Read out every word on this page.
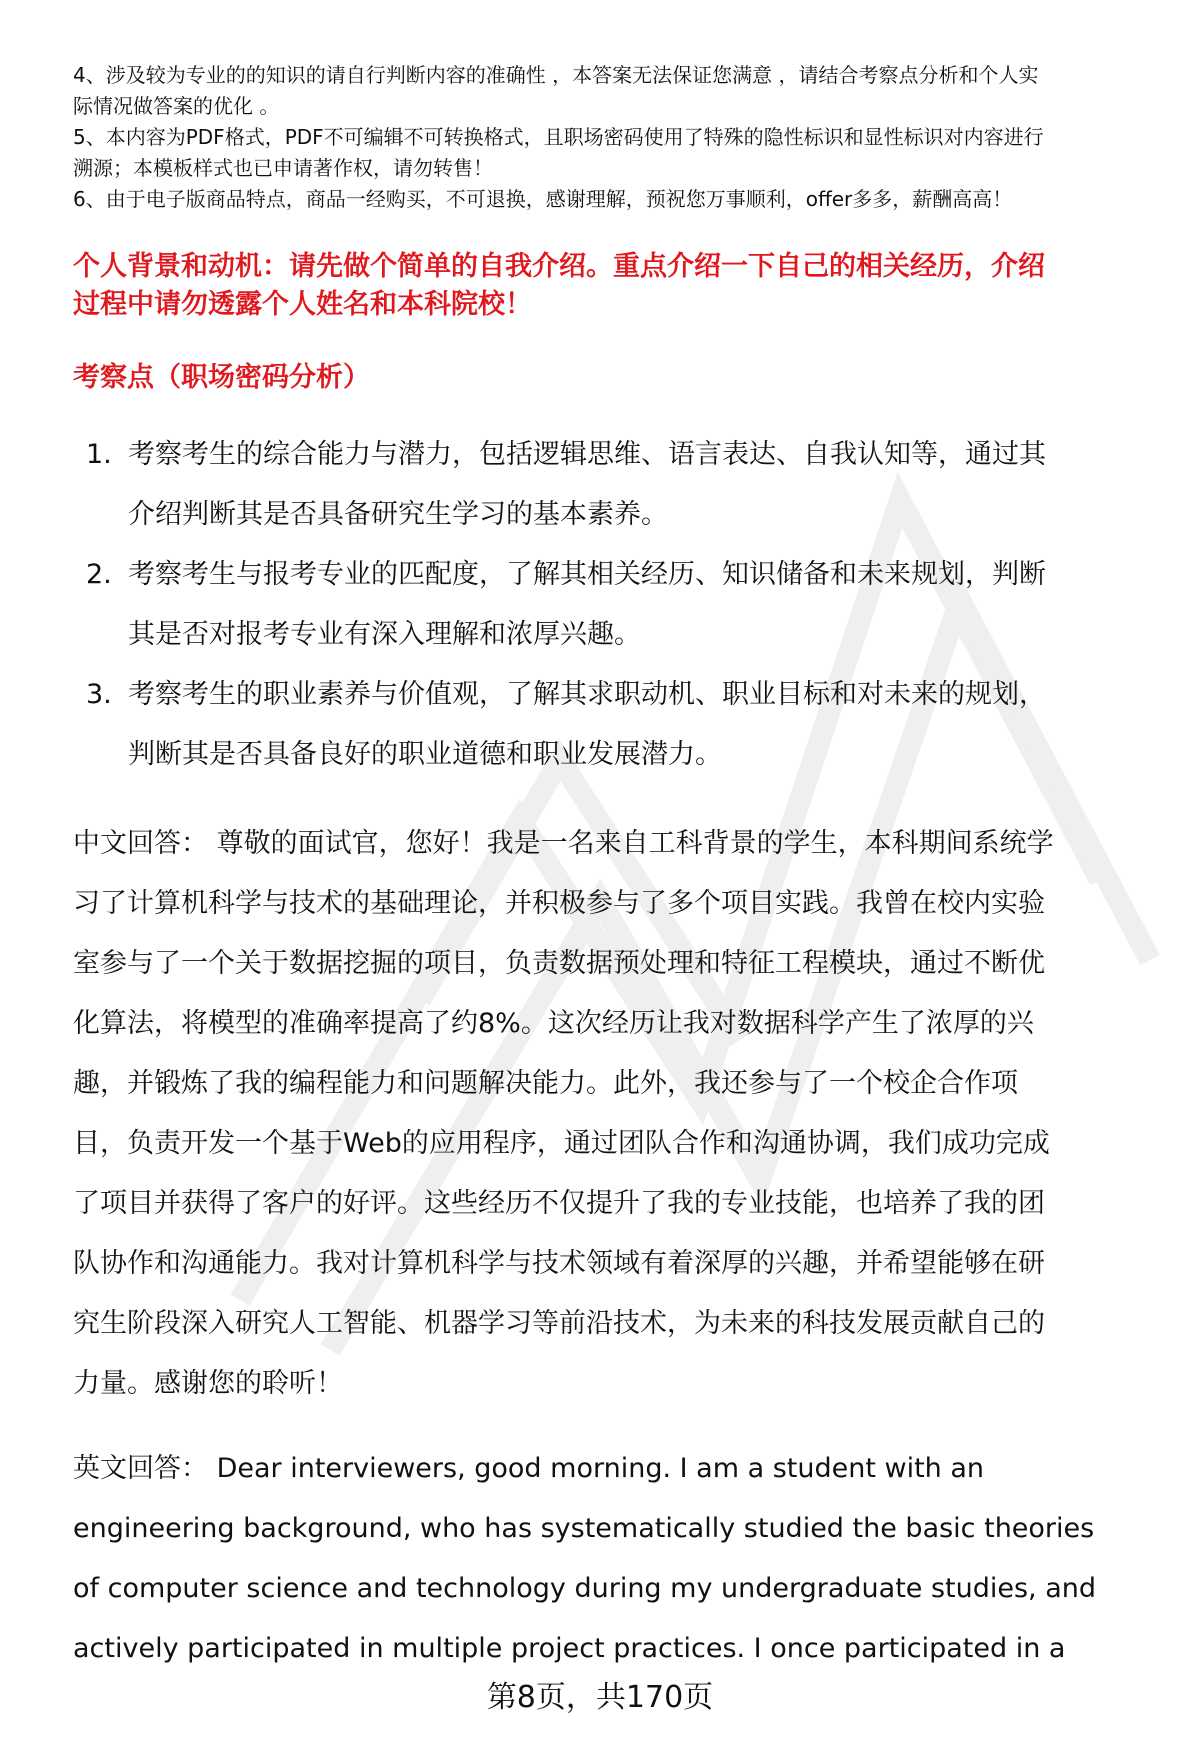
4、涉及较为专业的的知识的请自行判断内容的准确性 ，本答案无法保证您满意 ，请结合考察点分析和个人实
际情况做答案的优化 。
5、本内容为PDF格式，PDF不可编辑不可转换格式，且职场密码使用了特殊的隐性标识和显性标识对内容进行
溯源；本模板样式也已申请著作权，请勿转售！
6、由于电子版商品特点，商品一经购买，不可退换，感谢理解，预祝您万事顺利，offer多多，薪酬高高！
个人背景和动机：请先做个简单的自我介绍。重点介绍一下自己的相关经历，介绍
过程中请勿透露个人姓名和本科院校！
考察点（职场密码分析）
1. 考察考生的综合能力与潜力，包括逻辑思维、语言表达、自我认知等，通过其
介绍判断其是否具备研究生学习的基本素养。
2. 考察考生与报考专业的匹配度，了解其相关经历、知识储备和未来规划，判断
其是否对报考专业有深入理解和浓厚兴趣。
3. 考察考生的职业素养与价值观，了解其求职动机、职业目标和对未来的规划，
判断其是否具备良好的职业道德和职业发展潜力。
中文回答： 尊敬的面试官，您好！我是一名来自工科背景的学生，本科期间系统学
习了计算机科学与技术的基础理论，并积极参与了多个项目实践。我曾在校内实验
室参与了一个关于数据挖掘的项目，负责数据预处理和特征工程模块，通过不断优
化算法，将模型的准确率提高了约8%。这次经历让我对数据科学产生了浓厚的兴
趣，并锻炼了我的编程能力和问题解决能力。此外，我还参与了一个校企合作项
目，负责开发一个基于Web的应用程序，通过团队合作和沟通协调，我们成功完成
了项目并获得了客户的好评。这些经历不仅提升了我的专业技能，也培养了我的团
队协作和沟通能力。我对计算机科学与技术领域有着深厚的兴趣，并希望能够在研
究生阶段深入研究人工智能、机器学习等前沿技术，为未来的科技发展贡献自己的
力量。感谢您的聆听！
英文回答： Dear interviewers, good morning. I am a student with an
engineering background, who has systematically studied the basic theories
of computer science and technology during my undergraduate studies, and
actively participated in multiple project practices. I once participated in a
第8页，共170页
